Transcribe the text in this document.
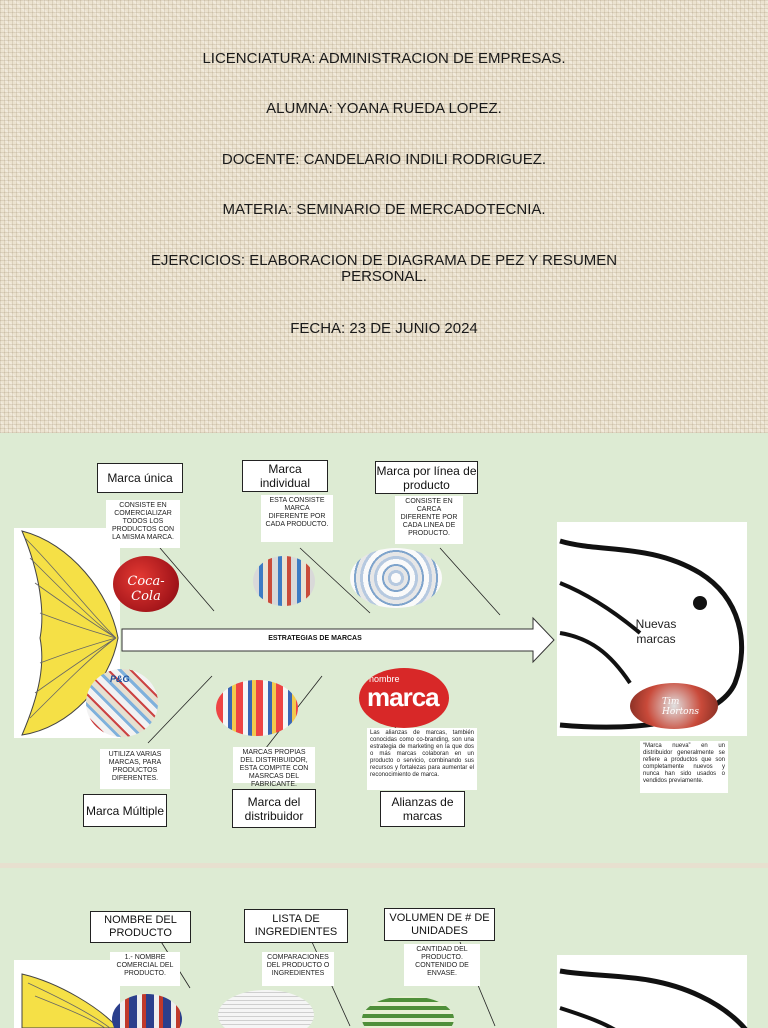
LICENCIATURA: ADMINISTRACION DE EMPRESAS.
ALUMNA: YOANA RUEDA LOPEZ.
DOCENTE: CANDELARIO INDILI RODRIGUEZ.
MATERIA: SEMINARIO DE MERCADOTECNIA.
EJERCICIOS: ELABORACION DE DIAGRAMA DE PEZ Y RESUMEN PERSONAL.
FECHA: 23 DE JUNIO 2024
ESTRATEGIAS DE MARCAS
Marca única
CONSISTE EN COMERCIALIZAR TODOS LOS PRODUCTOS CON LA MISMA MARCA.
Marca individual
ESTA CONSISTE MARCA DIFERENTE POR CADA PRODUCTO.
Marca por línea de producto
CONSISTE EN CARCA DIFERENTE POR CADA LINEA DE PRODUCTO.
Coca-Cola
P&G	nombre
marca
UTILIZA VARIAS MARCAS, PARA PRODUCTOS DIFERENTES.
MARCAS PROPIAS DEL DISTRIBUIDOR, ESTA COMPITE CON MASRCAS DEL FABRICANTE.
Las alianzas de marcas, también conocidas como co-branding, son una estrategia de marketing en la que dos o más marcas colaboran en un producto o servicio, combinando sus recursos y fortalezas para aumentar el reconocimiento de marca.
Marca Múltiple
Marca del distribuidor
Alianzas de marcas
Nuevas marcas
Tim Hortons
“Marca nueva” en un distribuidor generalmente se refiere a productos que son completamente nuevos y nunca han sido usados o vendidos previamente.
NOMBRE DEL PRODUCTO
1.- NOMBRE COMERCIAL DEL PRODUCTO.
LISTA DE INGREDIENTES
COMPARACIONES DEL PRODUCTO O INGREDIENTES
VOLUMEN DE # DE UNIDADES
CANTIDAD DEL PRODUCTO. CONTENIDO DE ENVASE.
